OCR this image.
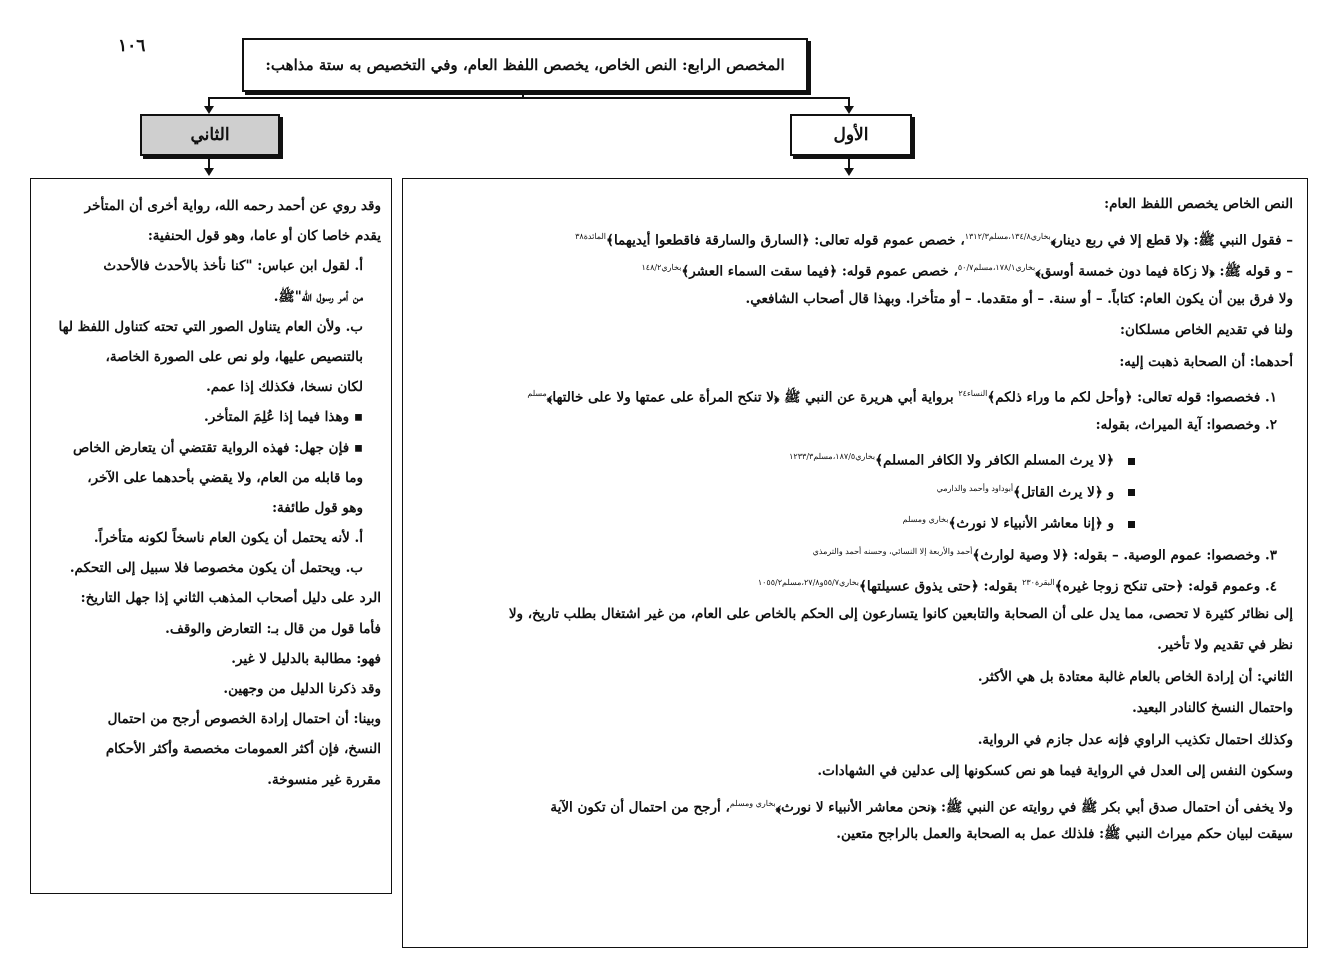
١٠٦
المخصص الرابع: النص الخاص، يخصص اللفظ العام، وفي التخصيص به ستة مذاهب:
الأول
الثاني

النص الخاص يخصص اللفظ العام:

– فقول النبي ﷺ: ﴿لا قطع إلا في ربع دينار﴾$^{بخاري١٣٤/٨،مسلم١٣١٢/٣}$، خصص عموم قوله تعالى: ﴿السارق والسارقة فاقطعوا أيديهما﴾$^{المائدة٣٨}$

– و قوله ﷺ: ﴿لا زكاة فيما دون خمسة أوسق﴾$^{بخاري١٧٨/١،مسلم٥٠/٧}$، خصص عموم قوله: ﴿فيما سقت السماء العشر﴾$^{بخاري١٤٨/٢}$

ولا فرق بين أن يكون العام: كتاباً. – أو سنة. – أو متقدما. – أو متأخرا. وبهذا قال أصحاب الشافعي.

ولنا في تقديم الخاص مسلكان:

أحدهما: أن الصحابة ذهبت إليه:

١. فخصصوا: قوله تعالى: ﴿وأحل لكم ما وراء ذلكم﴾$^{النساء٢٤}$ برواية أبي هريرة عن النبي ﷺ ﴿لا تنكح المرأة على عمتها ولا على خالتها﴾$^{مسلم}$

٢. وخصصوا: آية الميراث، بقوله:

﴿لا يرث المسلم الكافر ولا الكافر المسلم﴾$^{بخاري١٨٧/٥،مسلم١٢٣٣/٣}$

و ﴿لا يرث القاتل﴾$^{أبوداود وأحمد والدارمي}$

و ﴿إنا معاشر الأنبياء لا نورث﴾$^{بخاري ومسلم}$

٣. وخصصوا: عموم الوصية. – بقوله: ﴿لا وصية لوارث﴾$^{أحمد والأربعة إلا النسائي، وحسنه أحمد والترمذي}$

٤. وعموم قوله: ﴿حتى تنكح زوجا غيره﴾$^{البقرة٢٣٠}$ بقوله: ﴿حتى يذوق عسيلتها﴾$^{بخاري٥٥/٧و٢٧/٨،مسلم١٠٥٥/٢}$

إلى نظائر كثيرة لا تحصى، مما يدل على أن الصحابة والتابعين كانوا يتسارعون إلى الحكم بالخاص على العام، من غير اشتغال بطلب تاريخ، ولا

نظر في تقديم ولا تأخير.

الثاني: أن إرادة الخاص بالعام غالبة معتادة بل هي الأكثر.

واحتمال النسخ كالنادر البعيد.

وكذلك احتمال تكذيب الراوي فإنه عدل جازم في الرواية.

وسكون النفس إلى العدل في الرواية فيما هو نص كسكونها إلى عدلين في الشهادات.

ولا يخفى أن احتمال صدق أبي بكر ﷺ في روايته عن النبي ﷺ: ﴿نحن معاشر الأنبياء لا نورث﴾$^{بخاري ومسلم}$، أرجح من احتمال أن تكون الآية

سيقت لبيان حكم ميراث النبي ﷺ: فلذلك عمل به الصحابة والعمل بالراجح متعين.

وقد روي عن أحمد رحمه الله، رواية أخرى أن المتأخر

يقدم خاصا كان أو عاما، وهو قول الحنفية:

أ. لقول ابن عباس: "كنا نأخذ بالأحدث فالأحدث

من أمر رسول الله"ﷺ.

ب. ولأن العام يتناول الصور التي تحته كتناول اللفظ لها

بالتنصيص عليها، ولو نص على الصورة الخاصة،

لكان نسخا، فكذلك إذا عمم.

▪ وهذا فيما إذا عُلِمَ المتأخر.

▪ فإن جهل: فهذه الرواية تقتضي أن يتعارض الخاص

وما قابله من العام، ولا يقضي بأحدهما على الآخر،

وهو قول طائفة:

أ. لأنه يحتمل أن يكون العام ناسخاً لكونه متأخراً.

ب. ويحتمل أن يكون مخصوصا فلا سبيل إلى التحكم.

الرد على دليل أصحاب المذهب الثاني إذا جهل التاريخ:

فأما قول من قال بـ: التعارض والوقف.

فهو: مطالبة بالدليل لا غير.

وقد ذكرنا الدليل من وجهين.

وبينا: أن احتمال إرادة الخصوص أرجح من احتمال

النسخ، فإن أكثر العمومات مخصصة وأكثر الأحكام

مقررة غير منسوخة.
